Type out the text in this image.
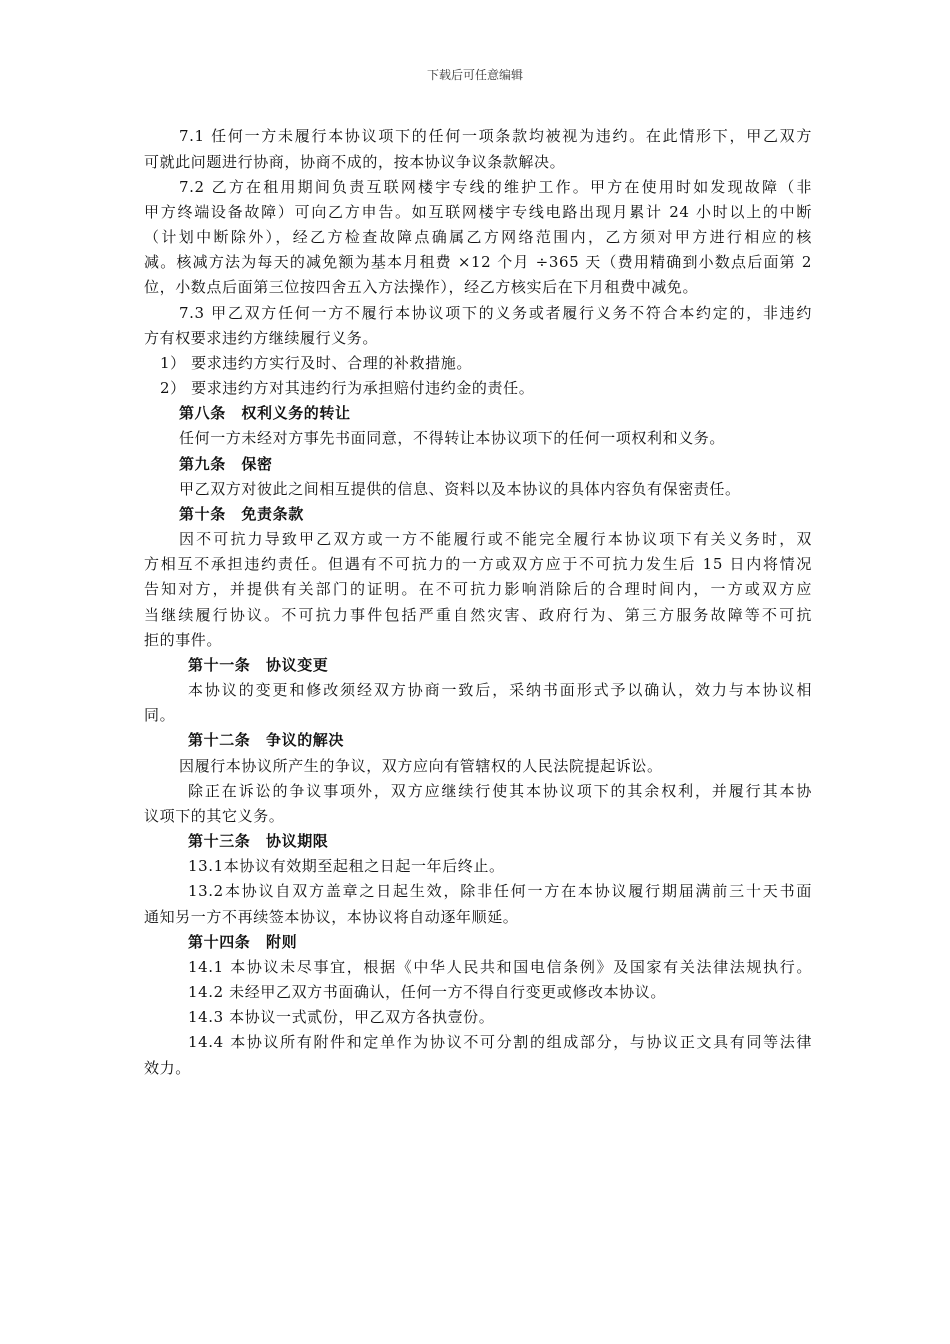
下载后可任意编辑
7.1 任何一方未履行本协议项下的任何一项条款均被视为违约。在此情形下，甲乙双方
可就此问题进行协商，协商不成的，按本协议争议条款解决。
7.2 乙方在租用期间负责互联网楼宇专线的维护工作。甲方在使用时如发现故障（非
甲方终端设备故障）可向乙方申告。如互联网楼宇专线电路出现月累计 24 小时以上的中断
（计划中断除外），经乙方检查故障点确属乙方网络范围内，乙方须对甲方进行相应的核
减。核减方法为每天的减免额为基本月租费 ×12 个月 ÷365 天（费用精确到小数点后面第 2
位，小数点后面第三位按四舍五入方法操作），经乙方核实后在下月租费中减免。
7.3 甲乙双方任何一方不履行本协议项下的义务或者履行义务不符合本约定的，非违约
方有权要求违约方继续履行义务。
1） 要求违约方实行及时、合理的补救措施。
2） 要求违约方对其违约行为承担赔付违约金的责任。
第八条　权利义务的转让
任何一方未经对方事先书面同意，不得转让本协议项下的任何一项权利和义务。
第九条　保密
甲乙双方对彼此之间相互提供的信息、资料以及本协议的具体内容负有保密责任。
第十条　免责条款
因不可抗力导致甲乙双方或一方不能履行或不能完全履行本协议项下有关义务时，双
方相互不承担违约责任。但遇有不可抗力的一方或双方应于不可抗力发生后 15 日内将情况
告知对方，并提供有关部门的证明。在不可抗力影响消除后的合理时间内，一方或双方应
当继续履行协议。不可抗力事件包括严重自然灾害、政府行为、第三方服务故障等不可抗
拒的事件。
第十一条　协议变更
本协议的变更和修改须经双方协商一致后，采纳书面形式予以确认，效力与本协议相
同。
第十二条　争议的解决
因履行本协议所产生的争议，双方应向有管辖权的人民法院提起诉讼。
除正在诉讼的争议事项外，双方应继续行使其本协议项下的其余权利，并履行其本协
议项下的其它义务。
第十三条　协议期限
13.1本协议有效期至起租之日起一年后终止。
13.2本协议自双方盖章之日起生效，除非任何一方在本协议履行期届满前三十天书面
通知另一方不再续签本协议，本协议将自动逐年顺延。
第十四条　附则
14.1 本协议未尽事宜，根据《中华人民共和国电信条例》及国家有关法律法规执行。
14.2 未经甲乙双方书面确认，任何一方不得自行变更或修改本协议。
14.3 本协议一式贰份，甲乙双方各执壹份。
14.4 本协议所有附件和定单作为协议不可分割的组成部分，与协议正文具有同等法律
效力。
